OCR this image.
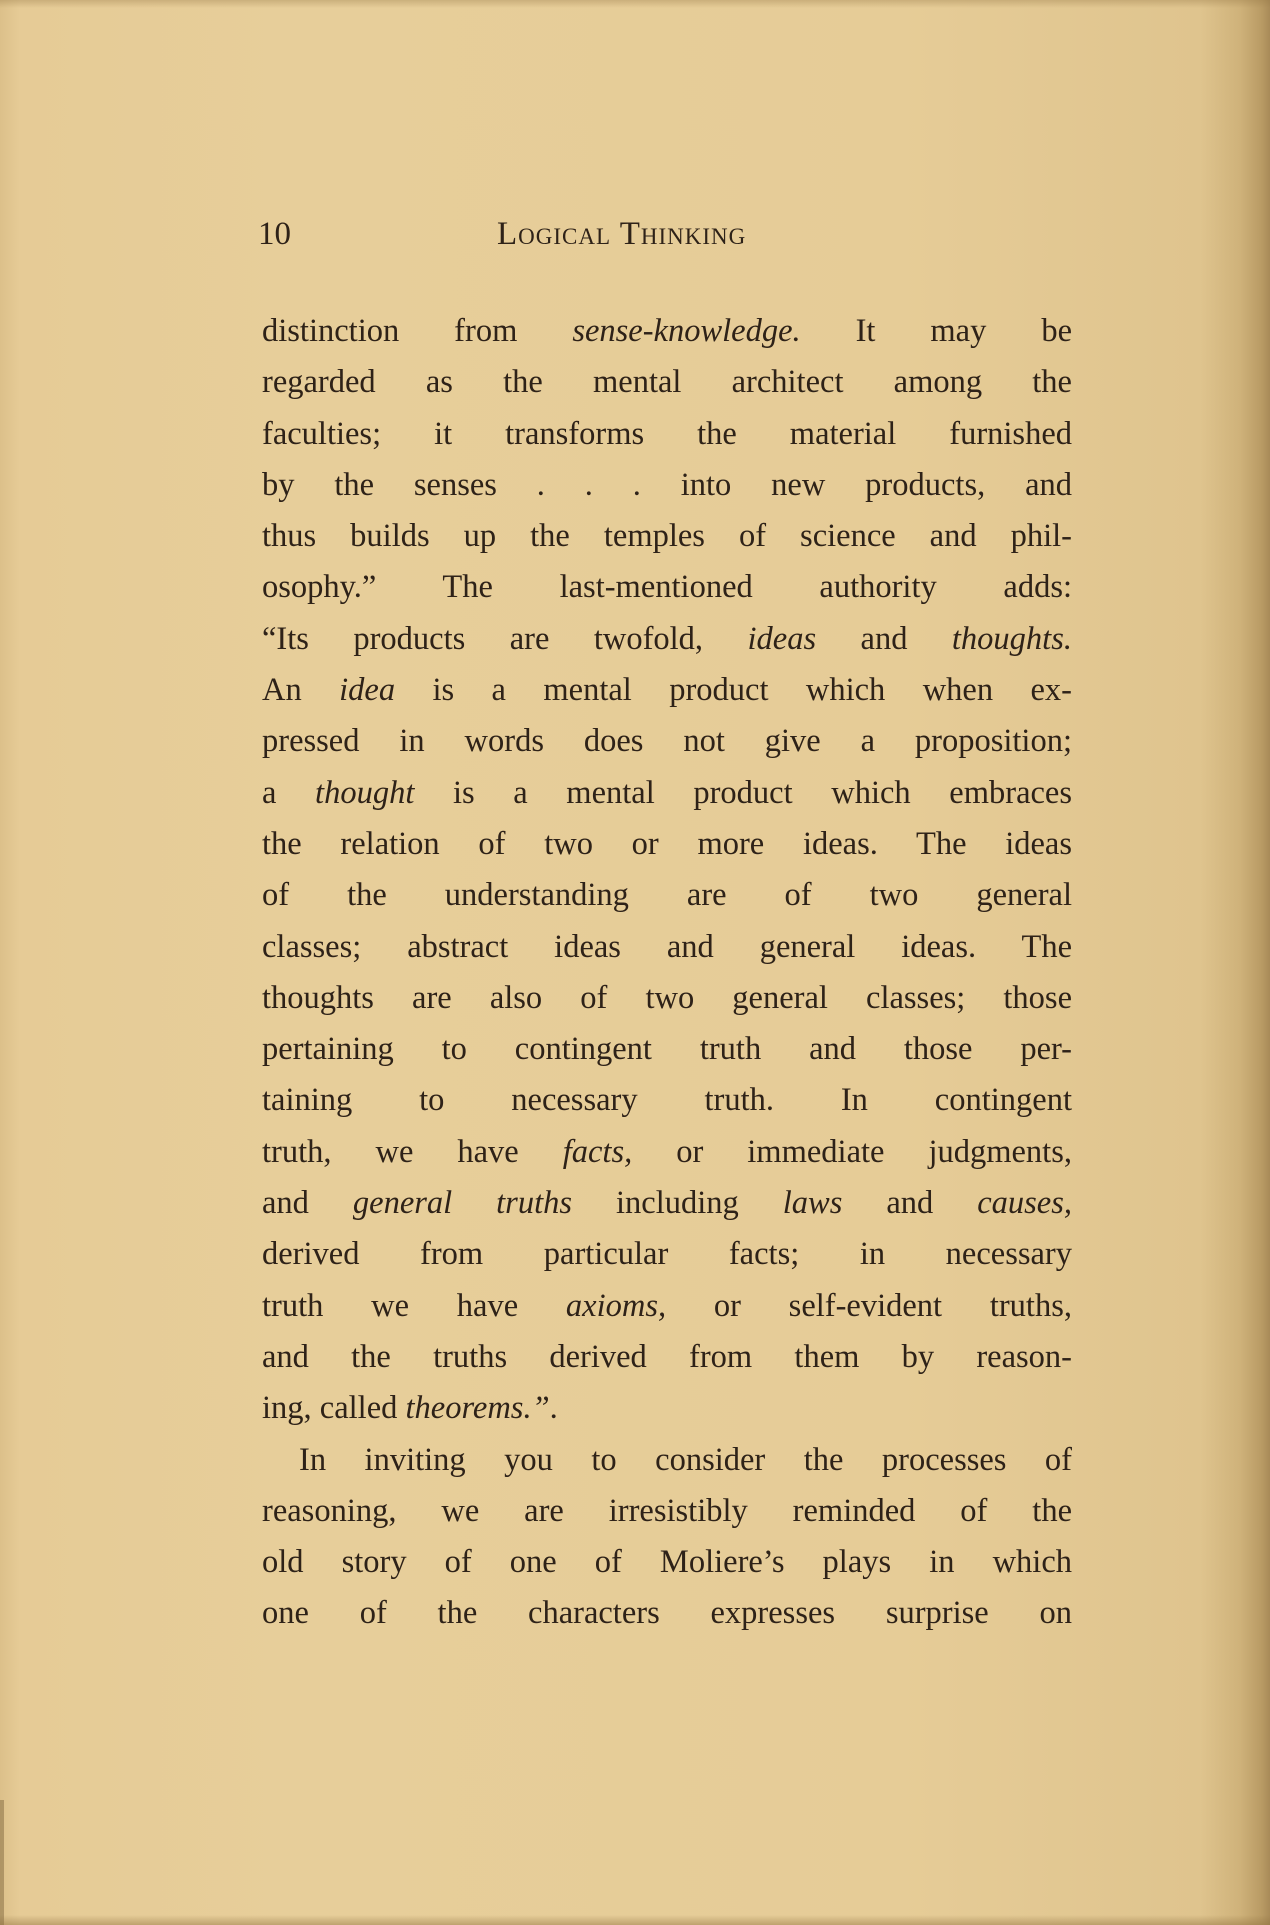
10	Logical Thinking
distinction from sense-knowledge. It may be
regarded as the mental architect among the
faculties; it transforms the material furnished
by the senses . . . into new products, and
thus builds up the temples of science and phil-
osophy.” The last-mentioned authority adds:
“Its products are twofold, ideas and thoughts.
An idea is a mental product which when ex-
pressed in words does not give a proposition;
a thought is a mental product which embraces
the relation of two or more ideas. The ideas
of the understanding are of two general
classes; abstract ideas and general ideas. The
thoughts are also of two general classes; those
pertaining to contingent truth and those per-
taining to necessary truth. In contingent
truth, we have facts, or immediate judgments,
and general truths including laws and causes,
derived from particular facts; in necessary
truth we have axioms, or self-evident truths,
and the truths derived from them by reason-
ing, called theorems.”.
In inviting you to consider the processes of
reasoning, we are irresistibly reminded of the
old story of one of Moliere’s plays in which
one of the characters expresses surprise on
